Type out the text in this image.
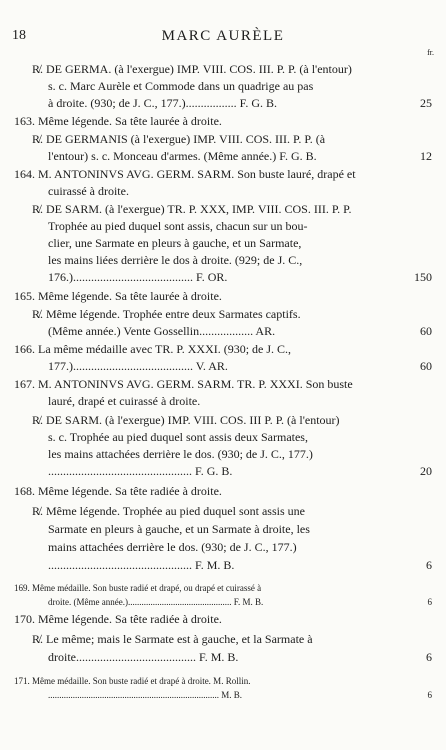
18	MARC AURÈLE
fr.
R̸. DE GERMA. (à l'exergue) IMP. VIII. COS. III. P. P. (à l'entour)
s. c. Marc Aurèle et Commode dans un quadrige au pas
à droite. (930; de J. C., 177.)................. F. G. B.	25
163. Même légende. Sa tête laurée à droite.
R̸. DE GERMANIS (à l'exergue) IMP. VIII. COS. III. P. P. (à
l'entour) s. c. Monceau d'armes. (Même année.) F. G. B.	12
164. M. ANTONINVS AVG. GERM. SARM. Son buste lauré, drapé et
cuirassé à droite.
R̸. DE SARM. (à l'exergue) TR. P. XXX, IMP. VIII. COS. III. P. P.
Trophée au pied duquel sont assis, chacun sur un bou-
clier, une Sarmate en pleurs à gauche, et un Sarmate,
les mains liées derrière le dos à droite. (929; de J. C.,
176.)........................................ F. OR.	150
165. Même légende. Sa tête laurée à droite.
R̸. Même légende. Trophée entre deux Sarmates captifs.
(Même année.) Vente Gossellin.................. AR.	60
166. La même médaille avec TR. P. XXXI. (930; de J. C.,
177.)........................................ V. AR.	60
167. M. ANTONINVS AVG. GERM. SARM. TR. P. XXXI. Son buste
lauré, drapé et cuirassé à droite.
R̸. DE SARM. (à l'exergue) IMP. VIII. COS. III P. P. (à l'entour)
s. c. Trophée au pied duquel sont assis deux Sarmates,
les mains attachées derrière le dos. (930; de J. C., 177.)
................................................ F. G. B.	20
168. Même légende. Sa tête radiée à droite.
R̸. Même légende. Trophée au pied duquel sont assis une
Sarmate en pleurs à gauche, et un Sarmate à droite, les
mains attachées derrière le dos. (930; de J. C., 177.)
................................................ F. M. B.	6
169. Même médaille. Son buste radié et drapé, ou drapé et cuirassé à
droite. (Même année.).............................................. F. M. B.	6
170. Même légende. Sa tête radiée à droite.
R̸. Le même; mais le Sarmate est à gauche, et la Sarmate à
droite........................................ F. M. B.	6
171. Même médaille. Son buste radié et drapé à droite. M. Rollin.
............................................................................ M. B.	6
